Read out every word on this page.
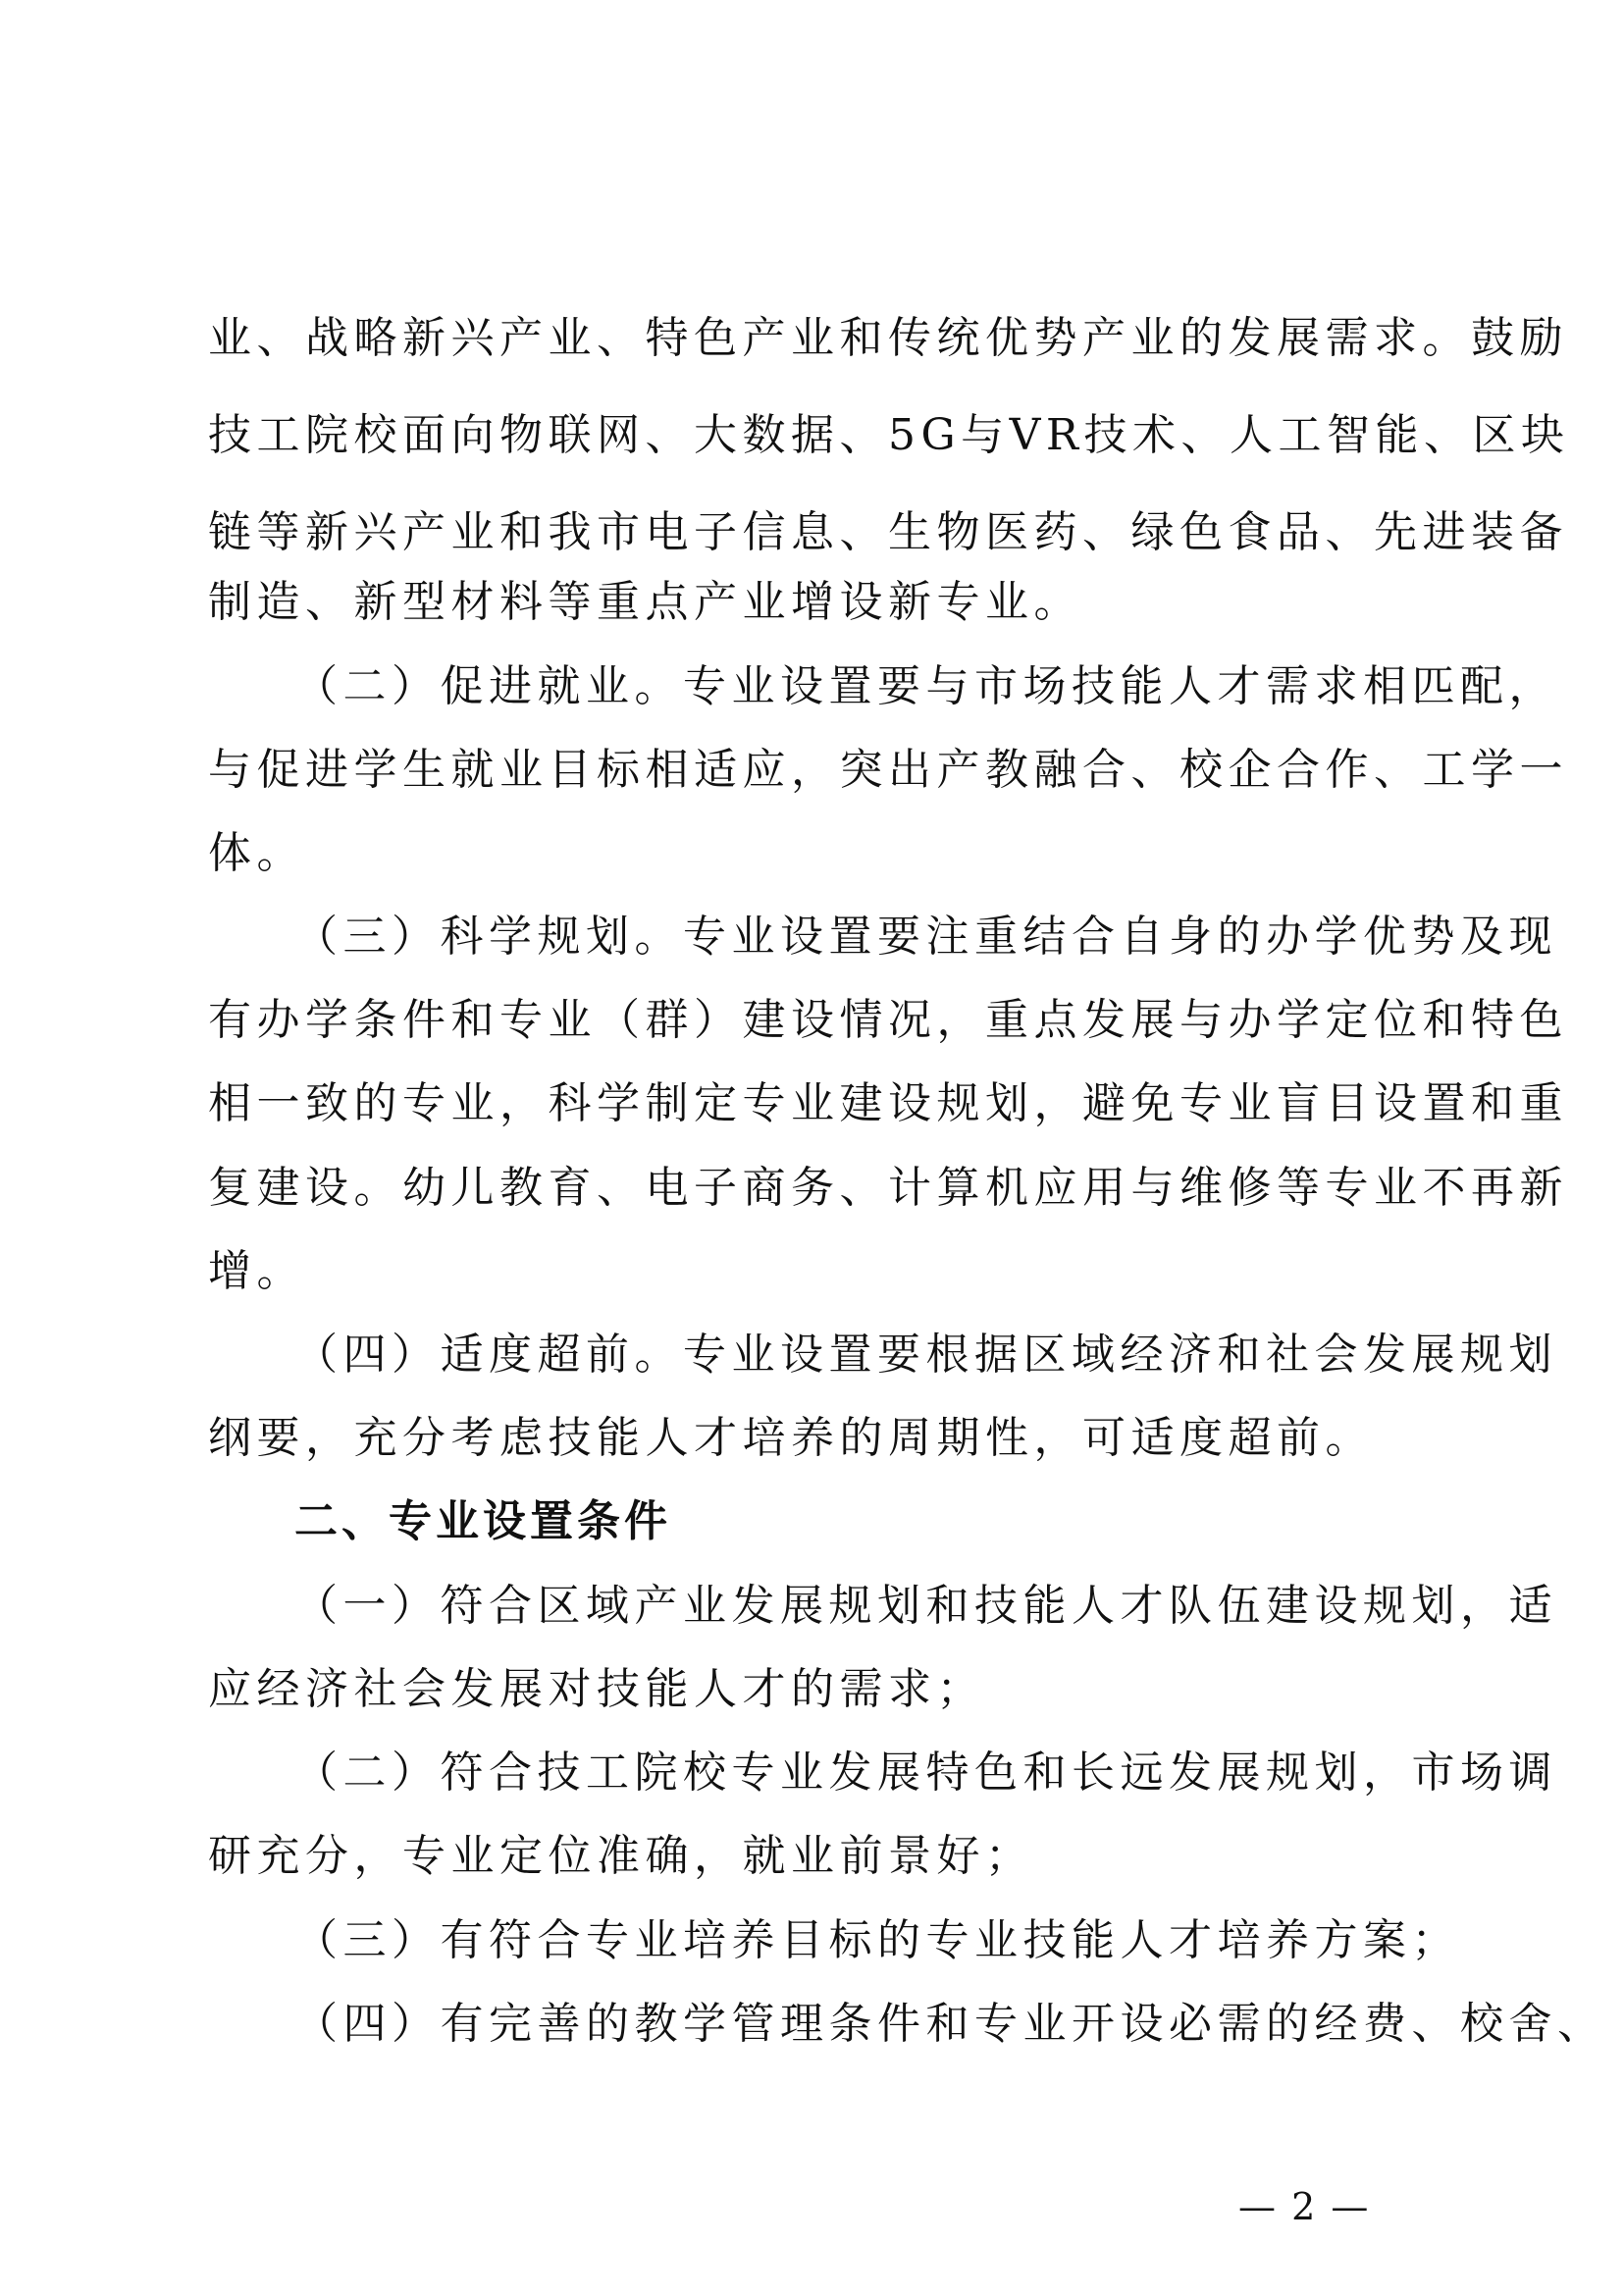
业、战略新兴产业、特色产业和传统优势产业的发展需求。鼓励
技工院校面向物联网、大数据、5G与VR技术、人工智能、区块
链等新兴产业和我市电子信息、生物医药、绿色食品、先进装备
制造、新型材料等重点产业增设新专业。
（二）促进就业。专业设置要与市场技能人才需求相匹配，
与促进学生就业目标相适应，突出产教融合、校企合作、工学一
体。
（三）科学规划。专业设置要注重结合自身的办学优势及现
有办学条件和专业（群）建设情况，重点发展与办学定位和特色
相一致的专业，科学制定专业建设规划，避免专业盲目设置和重
复建设。幼儿教育、电子商务、计算机应用与维修等专业不再新
增。
（四）适度超前。专业设置要根据区域经济和社会发展规划
纲要，充分考虑技能人才培养的周期性，可适度超前。
二、专业设置条件
（一）符合区域产业发展规划和技能人才队伍建设规划，适
应经济社会发展对技能人才的需求；
（二）符合技工院校专业发展特色和长远发展规划，市场调
研充分，专业定位准确，就业前景好；
（三）有符合专业培养目标的专业技能人才培养方案；
（四）有完善的教学管理条件和专业开设必需的经费、校舍、
— 2 —
